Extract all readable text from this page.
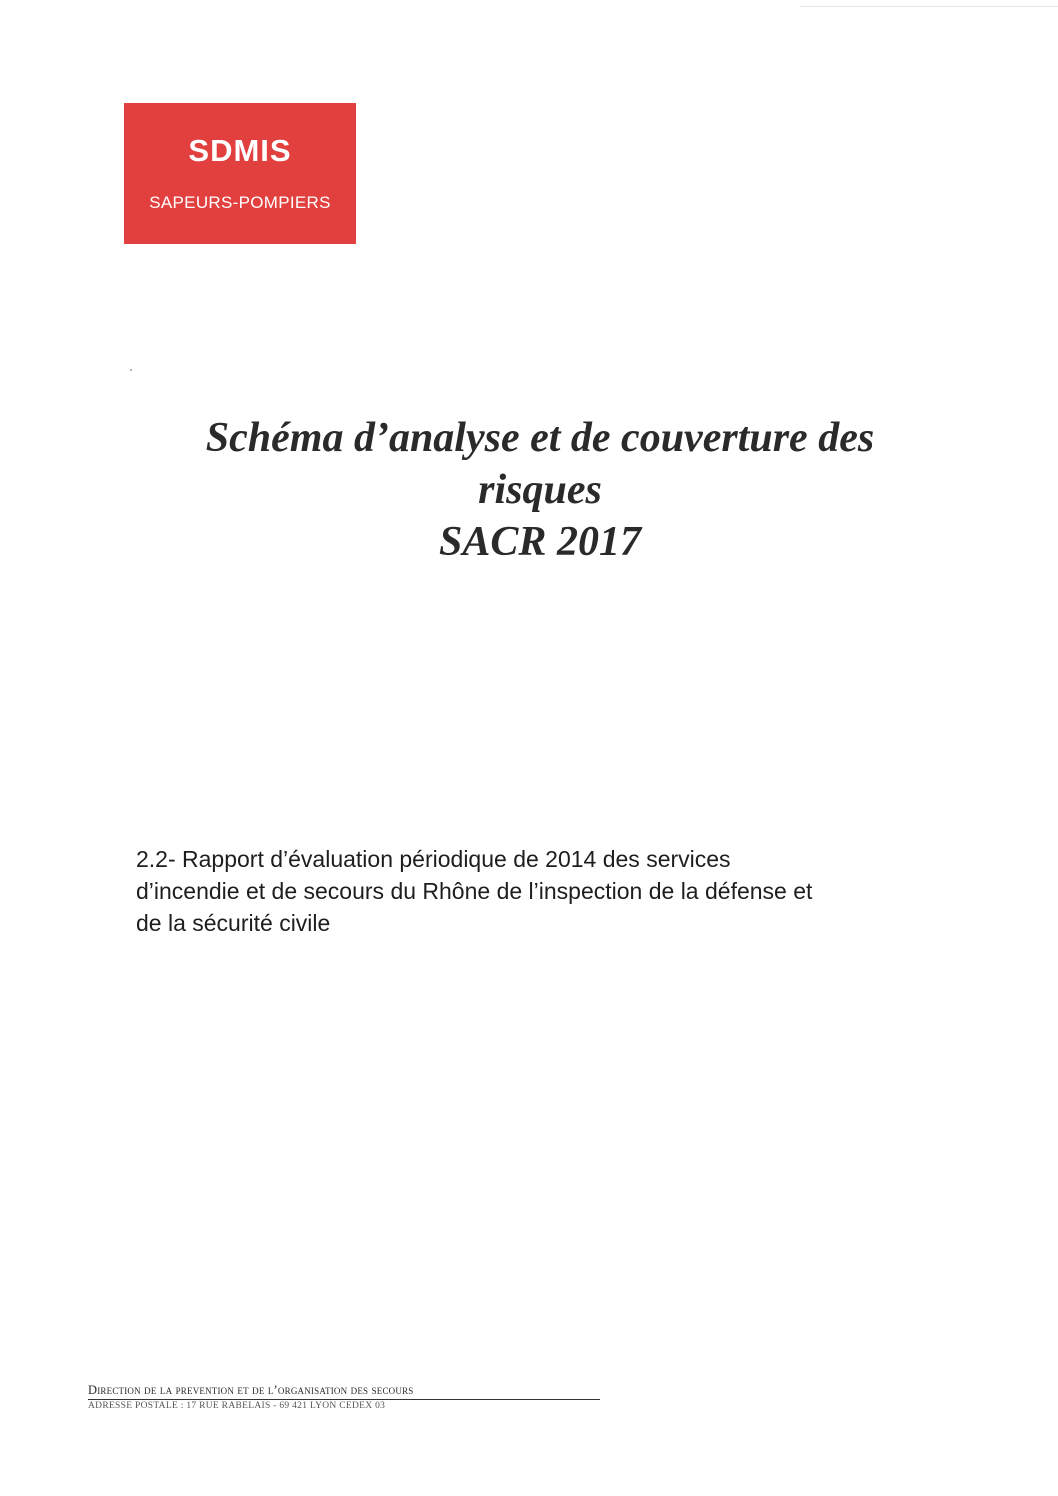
SDMIS
SAPEURS-POMPIERS
Schéma d’analyse et de couverture des
risques
SACR 2017
2.2- Rapport d’évaluation périodique de 2014 des services
d’incendie et de secours du Rhône de l’inspection de la défense et
de la sécurité civile
Direction de la prevention et de l’organisation des secours
ADRESSE POSTALE : 17 RUE RABELAIS - 69 421 LYON CEDEX 03
